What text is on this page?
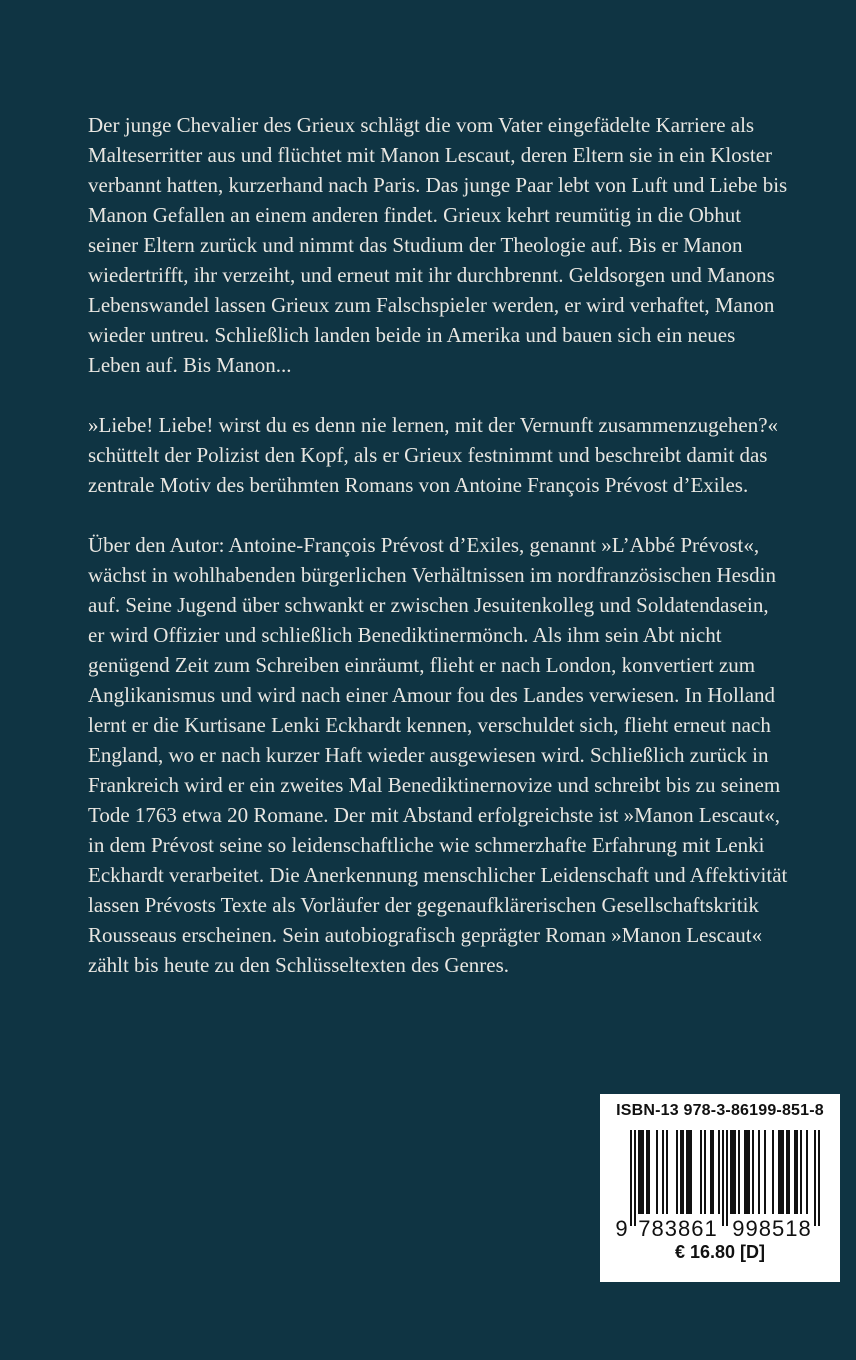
Der junge Chevalier des Grieux schlägt die vom Vater eingefädelte Karriere als Malteserritter aus und flüchtet mit Manon Lescaut, deren Eltern sie in ein Kloster verbannt hatten, kurzerhand nach Paris. Das junge Paar lebt von Luft und Liebe bis Manon Gefallen an einem anderen findet. Grieux kehrt reumütig in die Obhut seiner Eltern zurück und nimmt das Studium der Theologie auf. Bis er Manon wiedertrifft, ihr verzeiht, und erneut mit ihr durchbrennt. Geldsorgen und Manons Lebenswandel lassen Grieux zum Falschspieler werden, er wird verhaftet, Manon wieder untreu. Schließlich landen beide in Amerika und bauen sich ein neues Leben auf. Bis Manon...

»Liebe! Liebe! wirst du es denn nie lernen, mit der Vernunft zusammenzugehen?« schüttelt der Polizist den Kopf, als er Grieux festnimmt und beschreibt damit das zentrale Motiv des berühmten Romans von Antoine François Prévost d’Exiles.

Über den Autor: Antoine-François Prévost d’Exiles, genannt »L’Abbé Prévost«, wächst in wohlhabenden bürgerlichen Verhältnissen im nordfranzösischen Hesdin auf. Seine Jugend über schwankt er zwischen Jesuitenkolleg und Soldatendasein, er wird Offizier und schließlich Benediktinermönch. Als ihm sein Abt nicht genügend Zeit zum Schreiben einräumt, flieht er nach London, konvertiert zum Anglikanismus und wird nach einer Amour fou des Landes verwiesen. In Holland lernt er die Kurtisane Lenki Eckhardt kennen, verschuldet sich, flieht erneut nach England, wo er nach kurzer Haft wieder ausgewiesen wird. Schließlich zurück in Frankreich wird er ein zweites Mal Benediktinernovize und schreibt bis zu seinem Tode 1763 etwa 20 Romane. Der mit Abstand erfolgreichste ist »Manon Lescaut«, in dem Prévost seine so leidenschaftliche wie schmerzhafte Erfahrung mit Lenki Eckhardt verarbeitet. Die Anerkennung menschlicher Leidenschaft und Affektivität lassen Prévosts Texte als Vorläufer der gegenaufklärerischen Gesellschaftskritik Rousseaus erscheinen. Sein autobiografisch geprägter Roman »Manon Lescaut« zählt bis heute zu den Schlüsseltexten des Genres.

ISBN-13 978-3-86199-851-8
9 783861 998518
€ 16.80 [D]
